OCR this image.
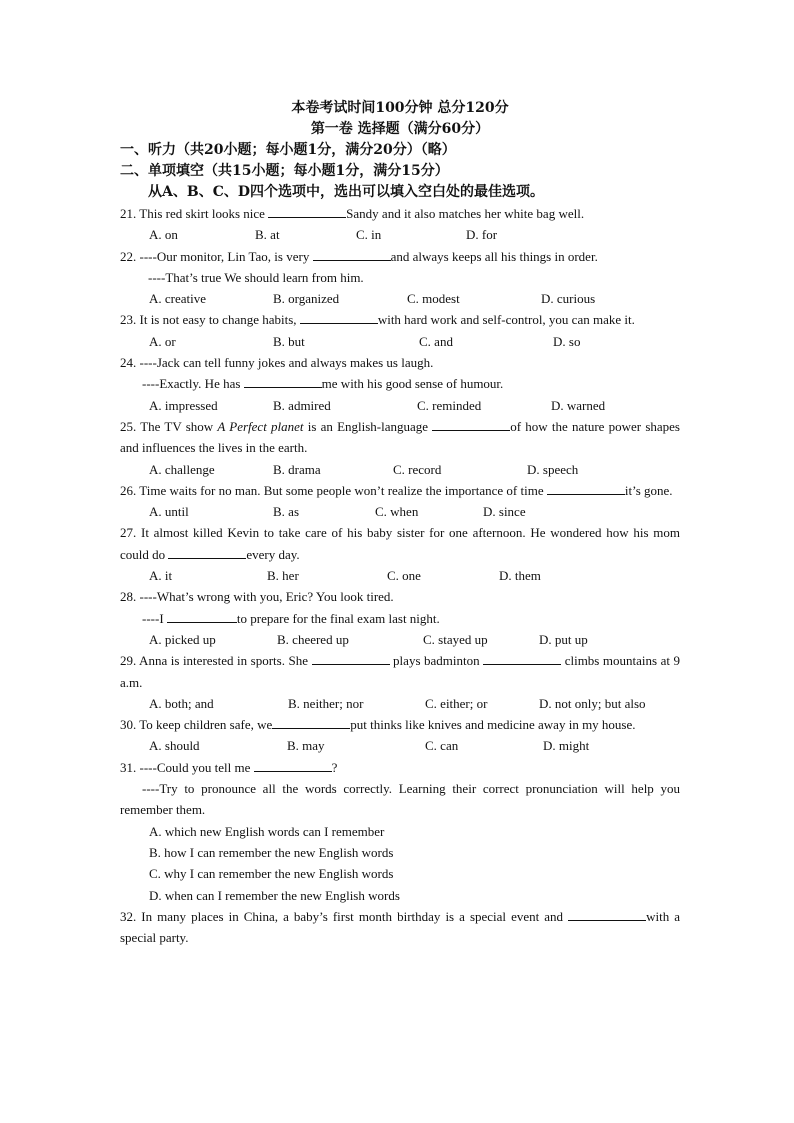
本卷考试时间100分钟 总分120分
第一卷 选择题（满分60分）
一、听力（共20小题；每小题1分，满分20分）（略）
二、单项填空（共15小题；每小题1分，满分15分）
从A、B、C、D四个选项中，选出可以填入空白处的最佳选项。
21. This red skirt looks nice	Sandy and it also matches her white bag well.
A. on	B. at	C. in	D. for
22. ----Our monitor, Lin Tao, is very	and always keeps all his things in order.
----That’s true We should learn from him.
A. creative	B. organized	C. modest	D. curious
23. It is not easy to change habits,	with hard work and self-control, you can make it.
A. or	B. but	C. and	D. so
24. ----Jack can tell funny jokes and always makes us laugh.
----Exactly. He has	me with his good sense of humour.
A. impressed	B. admired	C. reminded	D. warned
25. The TV show A Perfect planet is an English-language	of how the nature power shapes and influences the lives in the earth.
A. challenge	B. drama	C. record	D. speech
26. Time waits for no man. But some people won’t realize the importance of time	it’s gone.
A. until	B. as	C. when	D. since
27. It almost killed Kevin to take care of his baby sister for one afternoon. He wondered how his mom could do	every day.
A. it	B. her	C. one	D. them
28. ----What’s wrong with you, Eric? You look tired.
----I	to prepare for the final exam last night.
A. picked up	B. cheered up	C. stayed up	D. put up
29. Anna is interested in sports. She	plays badminton	climbs mountains at 9 a.m.
A. both; and	B. neither; nor	C. either; or	D. not only; but also
30. To keep children safe, we	put thinks like knives and medicine away in my house.
A. should	B. may	C. can	D. might
31. ----Could you tell me	?
----Try to pronounce all the words correctly. Learning their correct pronunciation will help you remember them.
A. which new English words can I remember
B. how I can remember the new English words
C. why I can remember the new English words
D. when can I remember the new English words
32. In many places in China, a baby’s first month birthday is a special event and	with a special party.
